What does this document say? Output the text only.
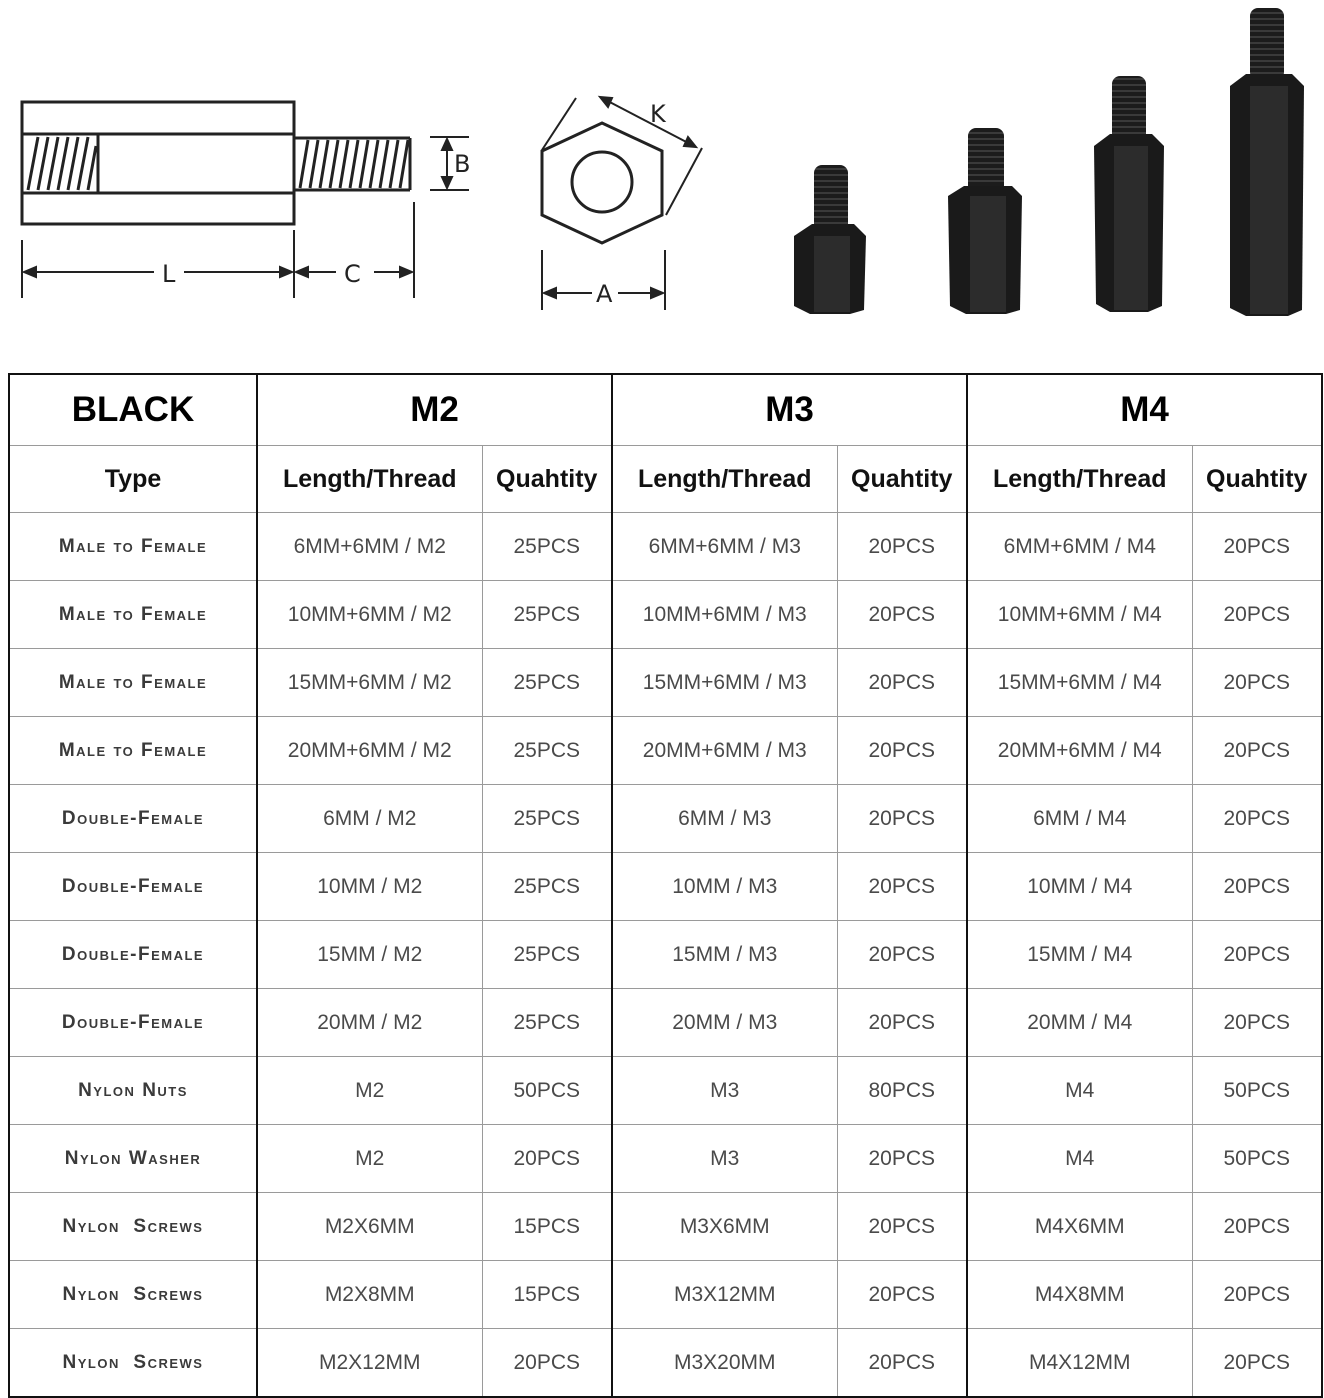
L	C
B
A
K
BLACK	M2		M3		M4	
Type	Length/Thread	Quahtity	Length/Thread	Quahtity	Length/Thread	Quahtity
Male to Female	6MM+6MM / M2	25PCS	6MM+6MM / M3	20PCS	6MM+6MM / M4	20PCS
Male to Female	10MM+6MM / M2	25PCS	10MM+6MM / M3	20PCS	10MM+6MM / M4	20PCS
Male to Female	15MM+6MM / M2	25PCS	15MM+6MM / M3	20PCS	15MM+6MM / M4	20PCS
Male to Female	20MM+6MM / M2	25PCS	20MM+6MM / M3	20PCS	20MM+6MM / M4	20PCS
Double-Female	6MM / M2	25PCS	6MM / M3	20PCS	6MM / M4	20PCS
Double-Female	10MM / M2	25PCS	10MM / M3	20PCS	10MM / M4	20PCS
Double-Female	15MM / M2	25PCS	15MM / M3	20PCS	15MM / M4	20PCS
Double-Female	20MM / M2	25PCS	20MM / M3	20PCS	20MM / M4	20PCS
Nylon Nuts	M2	50PCS	M3	80PCS	M4	50PCS
Nylon Washer	M2	20PCS	M3	20PCS	M4	50PCS
Nylon  Screws	M2X6MM	15PCS	M3X6MM	20PCS	M4X6MM	20PCS
Nylon  Screws	M2X8MM	15PCS	M3X12MM	20PCS	M4X8MM	20PCS
Nylon  Screws	M2X12MM	20PCS	M3X20MM	20PCS	M4X12MM	20PCS
